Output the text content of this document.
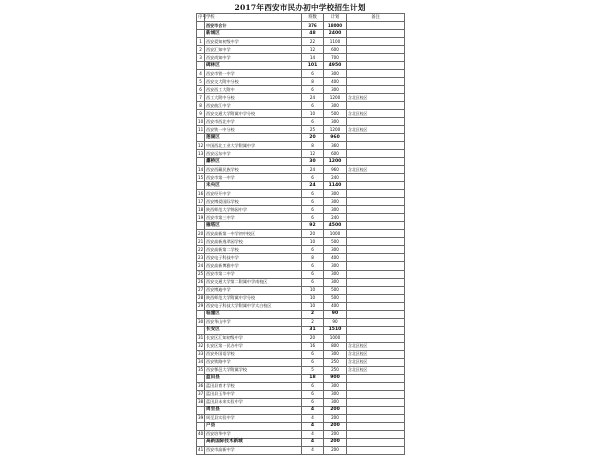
2017年西安市民办初中学校招生计划
序号	学校	班数	计划	备注
	西安市合计	376	18000	
	新城区	48	2400	
1	西安爱知初级中学	22	1100	
2	西安汇知中学	12	600	
3	西安尚知中学	14	700	
	碑林区	101	4950	
4	西安市铁一中学	6	300	
5	西安交大附中分校	8	400	
6	西安西工大附中	6	300	
7	西工大附中分校	24	1200	含北区校区
8	西安曲江中学	6	300	
9	西安交通大学附属中学分校	10	500	含北区校区
10	西安市西北中学	6	300	
11	西安铁一中分校	25	1200	含北区校区
	莲湖区	20	960	
12	中国西北工业大学附属中学	8	360	
13	西安远东中学	12	600	
	灞桥区	30	1200	
14	西安西藏民族学校	24	960	含北区校区
15	西安市第一中学	6	240	
	未央区	24	1140	
16	西安经开中学	6	300	
17	西安博爱国际学校	6	300	
18	陕西师范大学锦园中学	6	300	
19	西安市第三中学	6	240	
	雁塔区	92	4500	
20	西安高新第一中学初中校区	20	1000	
21	西安高新逸翠园学校	10	500	
22	西安高新第二学校	6	300	
23	西安电子科技中学	8	400	
24	西安高新博雅中学	6	300	
25	西安市第二中学	6	300	
26	西安交通大学第二附属中学南校区	6	300	
27	西安博迪中学	10	500	
28	陕西师范大学附属中学分校	10	500	
29	西安电子科技大学附属中学太白校区	10	400	
	临潼区	2	90	
30	西安华山中学	2	90	
	长安区	31	1510	
31	长安区汇知初级中学	20	1000	
32	长安区第一民办中学	16	800	含北区校区
33	西安外国语学校	6	300	含北区校区
34	西安铁路中学	6	250	含北区校区
35	西安鄠邑大学附属学校	5	250	含北区校区
	蓝田县	18	900	
36	蓝田县育才学校	6	300	
37	蓝田县玉华中学	6	300	
38	蓝田县未来实验中学	6	300	
	周至县	4	200	
39	周至县实验中学	4	200	
	户县	4	200	
40	西安培华中学	4	200	
	高新国际技术新城	4	200	
41	西安市高新中学	4	200	
